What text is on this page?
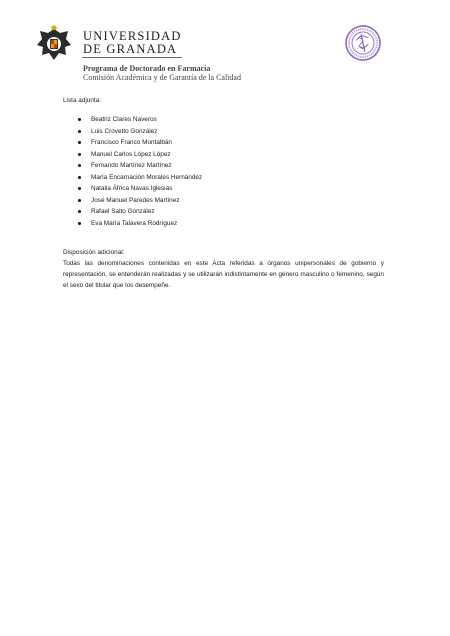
UNIVERSIDAD
DE GRANADA
Programa de Doctorado en Farmacia
Comisión Académica y de Garantía de la Calidad
Lista adjunta:
Beatriz Clares Naveros
Luis Crovetto González
Francisco Franco Montalbán
Manuel Carlos López López
Fernando Martínez Martínez
María Encarnación Morales Hernández
Natalia África Navas Iglesias
José Manuel Paredes Martínez
Rafael Salto González
Eva María Talavera Rodríguez
Disposición adicional:

Todas las denominaciones contenidas en este Acta referidas a órganos unipersonales de gobierno y representación, se entenderán realizadas y se utilizarán indistintamente en género masculino o femenino, según el sexo del titular que los desempeñe.
